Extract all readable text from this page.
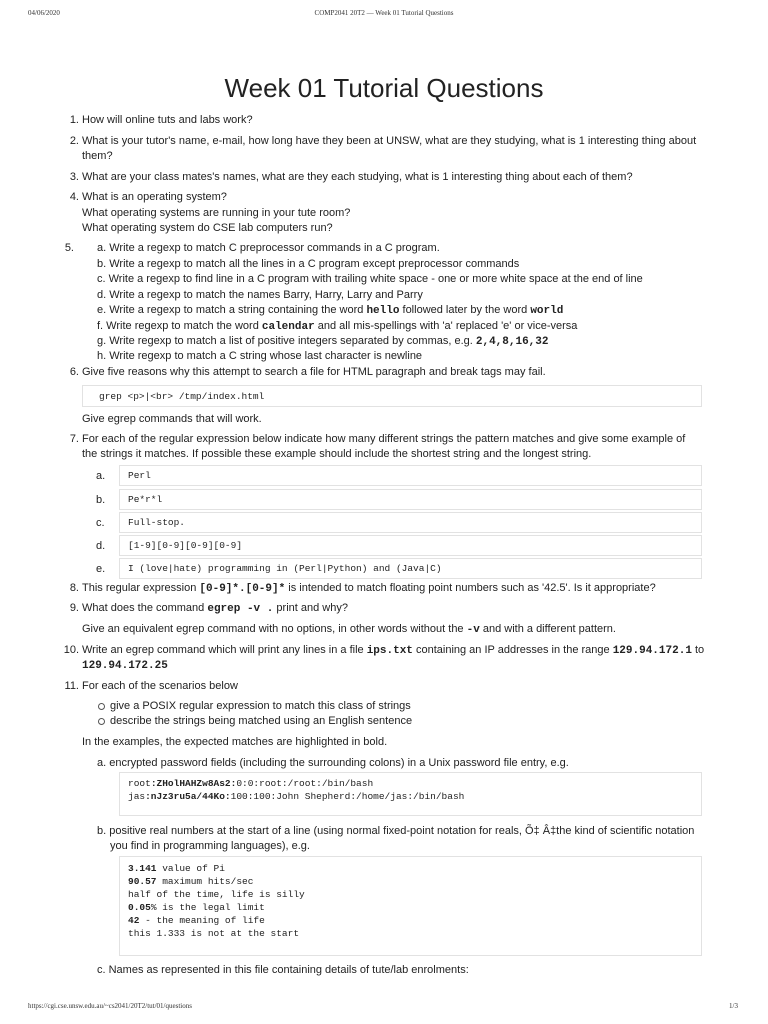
04/06/2020	COMP2041 20T2 — Week 01 Tutorial Questions
https://cgi.cse.unsw.edu.au/~cs2041/20T2/tut/01/questions	1/3
Week 01 Tutorial Questions
1. How will online tuts and labs work?
2. What is your tutor's name, e-mail, how long have they been at UNSW, what are they studying, what is 1 interesting thing about
them?
3. What are your class mates's names, what are they each studying, what is 1 interesting thing about each of them?
4. What is an operating system?
What operating systems are running in your tute room?
What operating system do CSE lab computers run?
5. a. Write a regexp to match C preprocessor commands in a C program.
b. Write a regexp to match all the lines in a C program except preprocessor commands
c. Write a regexp to find line in a C program with trailing white space - one or more white space at the end of line
d. Write a regexp to match the names Barry, Harry, Larry and Parry
e. Write a regexp to match a string containing the word hello followed later by the word world
f. Write regexp to match the word calendar and all mis-spellings with 'a' replaced 'e' or vice-versa
g. Write regexp to match a list of positive integers separated by commas, e.g. 2,4,8,16,32
h. Write regexp to match a C string whose last character is newline
6. Give five reasons why this attempt to search a file for HTML paragraph and break tags may fail.
grep <p>|<br> /tmp/index.html
Give egrep commands that will work.
7. For each of the regular expression below indicate how many different strings the pattern matches and give some example of
the strings it matches. If possible these example should include the shortest string and the longest string.
a.	Perl
b.	Pe*r*l
c.	Full-stop.
d.	[1-9][0-9][0-9][0-9]
e.	I (love|hate) programming in (Perl|Python) and (Java|C)
8. This regular expression [0-9]*.[0-9]* is intended to match floating point numbers such as '42.5'. Is it appropriate?
9. What does the command egrep -v . print and why?
Give an equivalent egrep command with no options, in other words without the -v and with a different pattern.
10. Write an egrep command which will print any lines in a file ips.txt containing an IP addresses in the range 129.94.172.1 to
129.94.172.25
11. For each of the scenarios below
give a POSIX regular expression to match this class of strings
describe the strings being matched using an English sentence
In the examples, the expected matches are highlighted in bold.
a. encrypted password fields (including the surrounding colons) in a Unix password file entry, e.g.
root:ZHolHAHZw8As2:0:0:root:/root:/bin/bash
jas:nJz3ru5a/44Ko:100:100:John Shepherd:/home/jas:/bin/bash
b. positive real numbers at the start of a line (using normal fixed-point notation for reals, Õ‡ Â‡the kind of scientific notation
you find in programming languages), e.g.
3.141 value of Pi
90.57 maximum hits/sec
half of the time, life is silly
0.05% is the legal limit
42 - the meaning of life
this 1.333 is not at the start
c. Names as represented in this file containing details of tute/lab enrolments:
